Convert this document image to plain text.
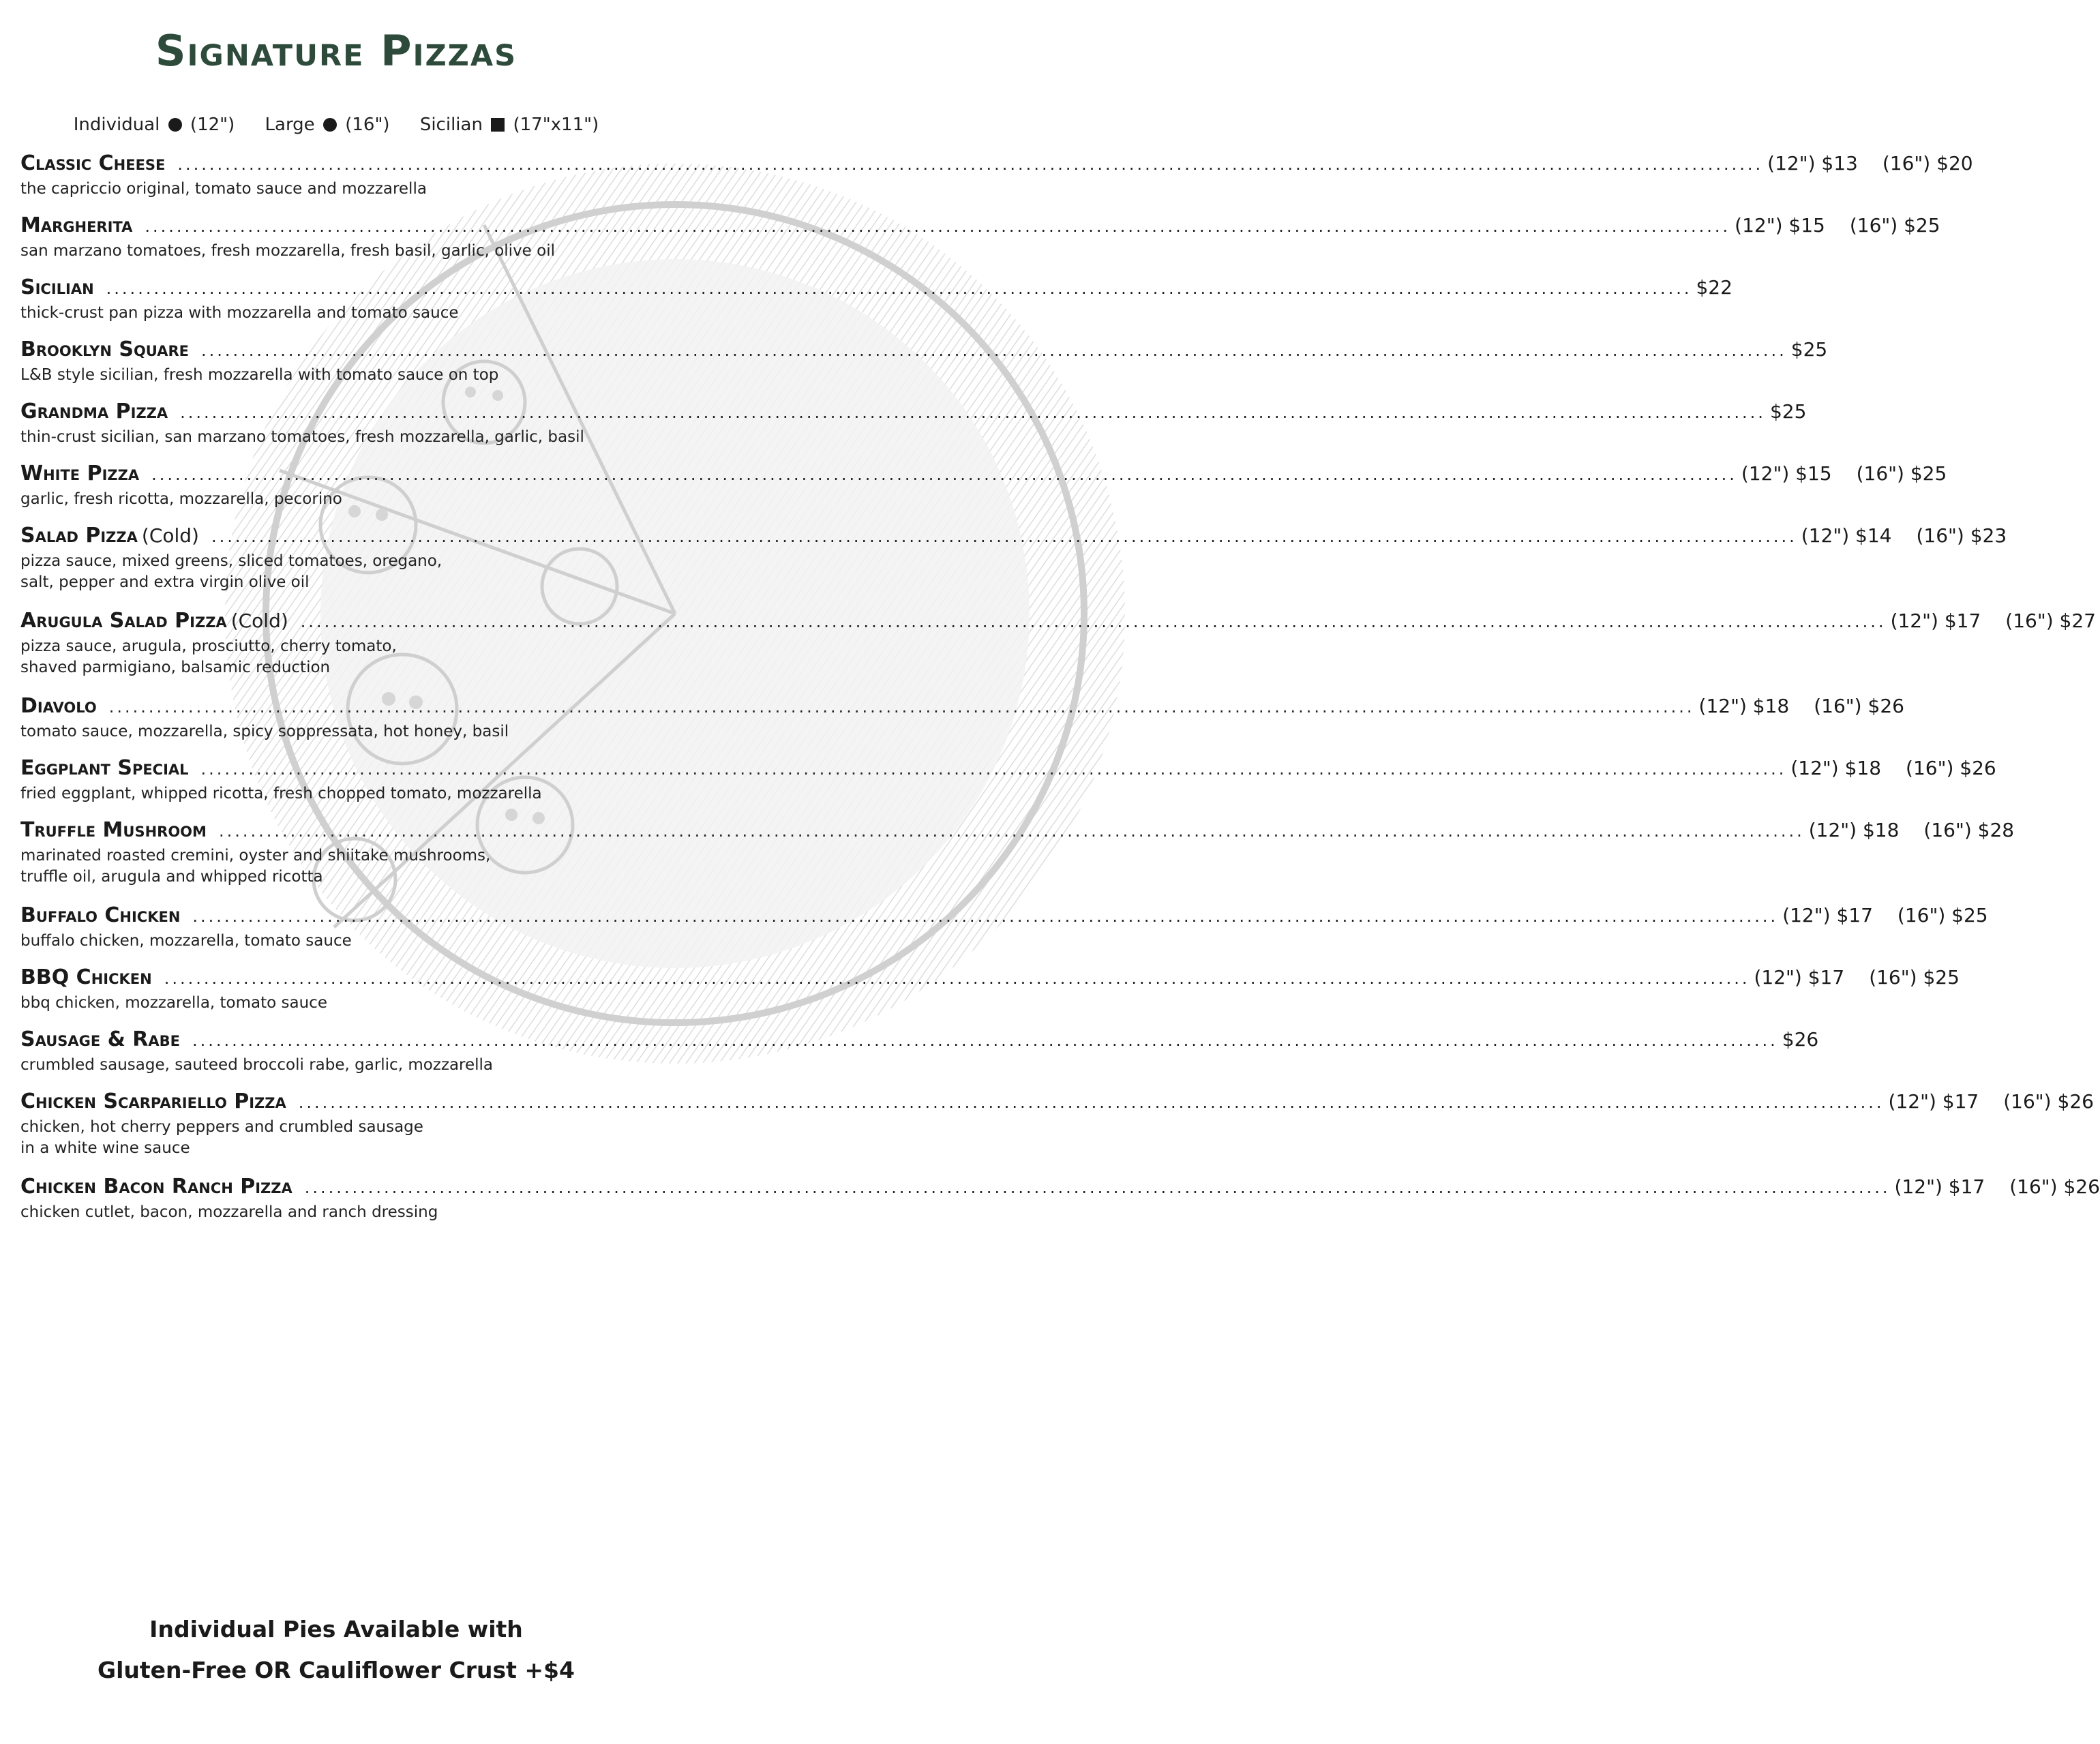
Signature Pizzas
Individual (12") Large (16") Sicilian (17"x11")
Classic Cheese ........................................................................................................................................................................................................ (12") $13 (16") $20
the capriccio original, tomato sauce and mozzarella
Margherita ........................................................................................................................................................................................................ (12") $15 (16") $25
san marzano tomatoes, fresh mozzarella, fresh basil, garlic, olive oil
Sicilian ........................................................................................................................................................................................................ $22
thick-crust pan pizza with mozzarella and tomato sauce
Brooklyn Square ........................................................................................................................................................................................................ $25
L&B style sicilian, fresh mozzarella with tomato sauce on top
Grandma Pizza ........................................................................................................................................................................................................ $25
thin-crust sicilian, san marzano tomatoes, fresh mozzarella, garlic, basil
White Pizza ........................................................................................................................................................................................................ (12") $15 (16") $25
garlic, fresh ricotta, mozzarella, pecorino
Salad Pizza (Cold) ........................................................................................................................................................................................................ (12") $14 (16") $23
pizza sauce, mixed greens, sliced tomatoes, oregano,
salt, pepper and extra virgin olive oil
Arugula Salad Pizza (Cold) ........................................................................................................................................................................................................ (12") $17 (16") $27
pizza sauce, arugula, prosciutto, cherry tomato,
shaved parmigiano, balsamic reduction
Diavolo ........................................................................................................................................................................................................ (12") $18 (16") $26
tomato sauce, mozzarella, spicy soppressata, hot honey, basil
Eggplant Special ........................................................................................................................................................................................................ (12") $18 (16") $26
fried eggplant, whipped ricotta, fresh chopped tomato, mozzarella
Truffle Mushroom ........................................................................................................................................................................................................ (12") $18 (16") $28
marinated roasted cremini, oyster and shiitake mushrooms,
truffle oil, arugula and whipped ricotta
Buffalo Chicken ........................................................................................................................................................................................................ (12") $17 (16") $25
buffalo chicken, mozzarella, tomato sauce
BBQ Chicken ........................................................................................................................................................................................................ (12") $17 (16") $25
bbq chicken, mozzarella, tomato sauce
Sausage & Rabe ........................................................................................................................................................................................................ $26
crumbled sausage, sauteed broccoli rabe, garlic, mozzarella
Chicken Scarpariello Pizza ........................................................................................................................................................................................................ (12") $17 (16") $26
chicken, hot cherry peppers and crumbled sausage
in a white wine sauce
Chicken Bacon Ranch Pizza ........................................................................................................................................................................................................ (12") $17 (16") $26
chicken cutlet, bacon, mozzarella and ranch dressing
Individual Pies Available with
Gluten-Free OR Cauliflower Crust +$4
